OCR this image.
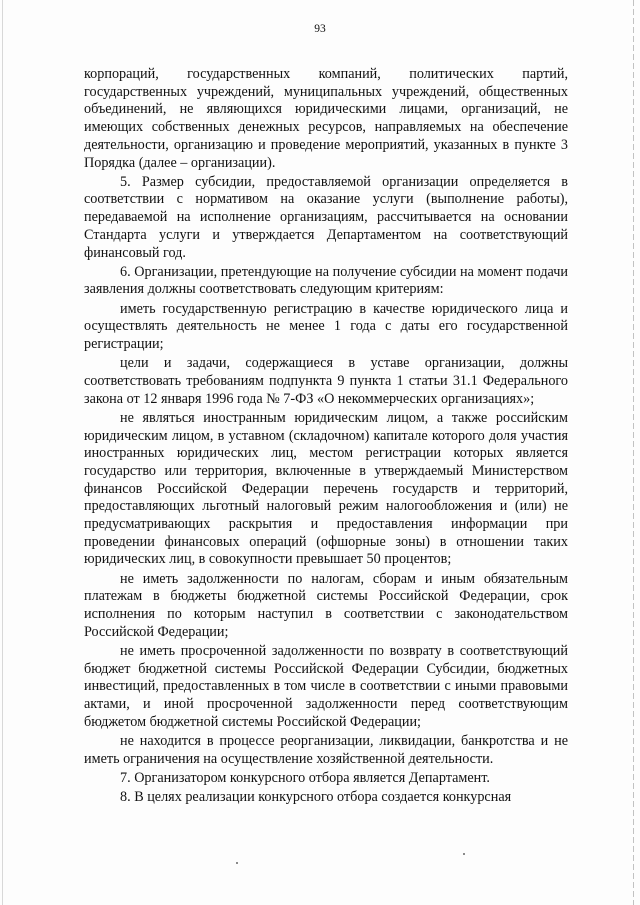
93

корпораций, государственных компаний, политических партий, государственных учреждений, муниципальных учреждений, общественных объединений, не являющихся юридическими лицами, организаций, не имеющих собственных денежных ресурсов, направляемых на обеспечение деятельности, организацию и проведение мероприятий, указанных в пункте 3 Порядка (далее – организации).

5. Размер субсидии, предоставляемой организации определяется в соответствии с нормативом на оказание услуги (выполнение работы), передаваемой на исполнение организациям, рассчитывается на основании Стандарта услуги и утверждается Департаментом на соответствующий финансовый год.

6. Организации, претендующие на получение субсидии на момент подачи заявления должны соответствовать следующим критериям:

иметь государственную регистрацию в качестве юридического лица и осуществлять деятельность не менее 1 года с даты его государственной регистрации;

цели и задачи, содержащиеся в уставе организации, должны соответствовать требованиям подпункта 9 пункта 1 статьи 31.1 Федерального закона от 12 января 1996 года № 7-ФЗ «О некоммерческих организациях»;

не являться иностранным юридическим лицом, а также российским юридическим лицом, в уставном (складочном) капитале которого доля участия иностранных юридических лиц, местом регистрации которых является государство или территория, включенные в утверждаемый Министерством финансов Российской Федерации перечень государств и территорий, предоставляющих льготный налоговый режим налогообложения и (или) не предусматривающих раскрытия и предоставления информации при проведении финансовых операций (офшорные зоны) в отношении таких юридических лиц, в совокупности превышает 50 процентов;

не иметь задолженности по налогам, сборам и иным обязательным платежам в бюджеты бюджетной системы Российской Федерации, срок исполнения по которым наступил в соответствии с законодательством Российской Федерации;

не иметь просроченной задолженности по возврату в соответствующий бюджет бюджетной системы Российской Федерации Субсидии, бюджетных инвестиций, предоставленных в том числе в соответствии с иными правовыми актами, и иной просроченной задолженности перед соответствующим бюджетом бюджетной системы Российской Федерации;

не находится в процессе реорганизации, ликвидации, банкротства и не иметь ограничения на осуществление хозяйственной деятельности.

7. Организатором конкурсного отбора является Департамент.

8. В целях реализации конкурсного отбора создается конкурсная
